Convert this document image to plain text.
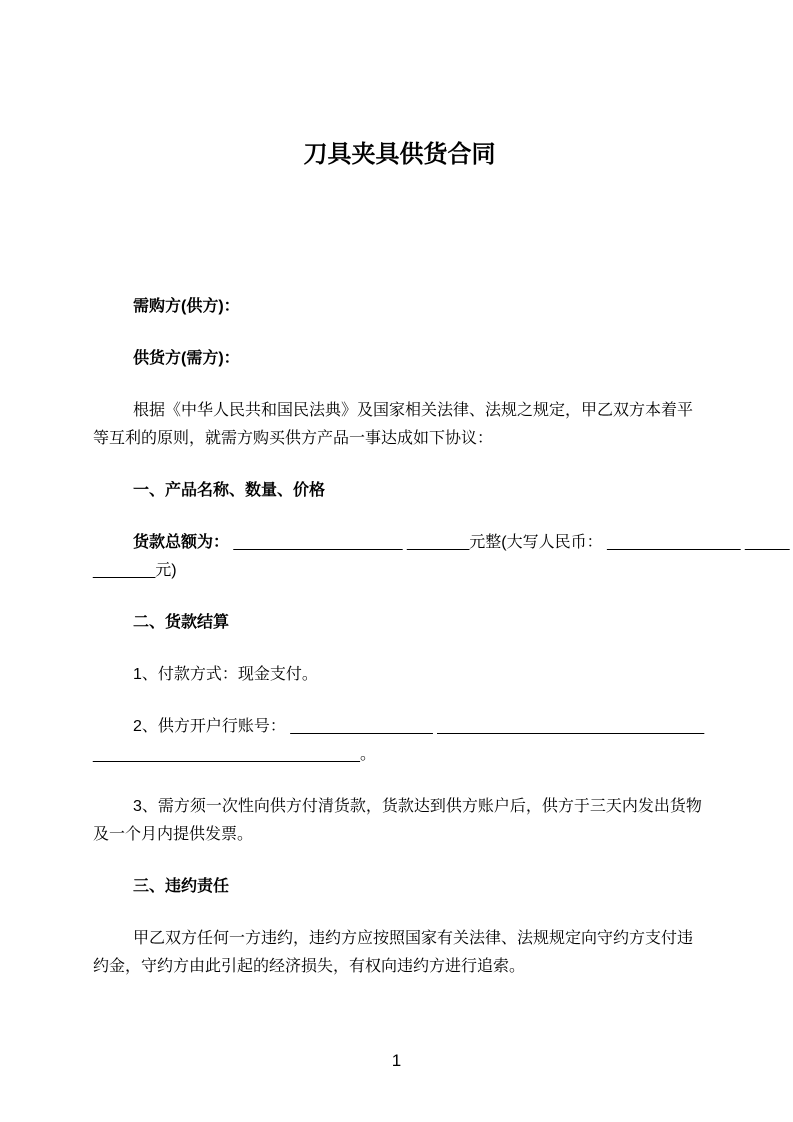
刀具夹具供货合同
需购方(供方)：
供货方(需方)：
根据《中华人民共和国民法典》及国家相关法律、法规之规定，甲乙双方本着平
等互利的原则，就需方购买供方产品一事达成如下协议：
一、产品名称、数量、价格
货款总额为： ___________________ _______元整(大写人民币： _______________ _____
_______元)
二、货款结算
1、付款方式：现金支付。
2、供方开户行账号： ________________ ______________________________
______________________________。
3、需方须一次性向供方付清货款，货款达到供方账户后，供方于三天内发出货物
及一个月内提供发票。
三、违约责任
甲乙双方任何一方违约，违约方应按照国家有关法律、法规规定向守约方支付违
约金，守约方由此引起的经济损失，有权向违约方进行追索。
1
